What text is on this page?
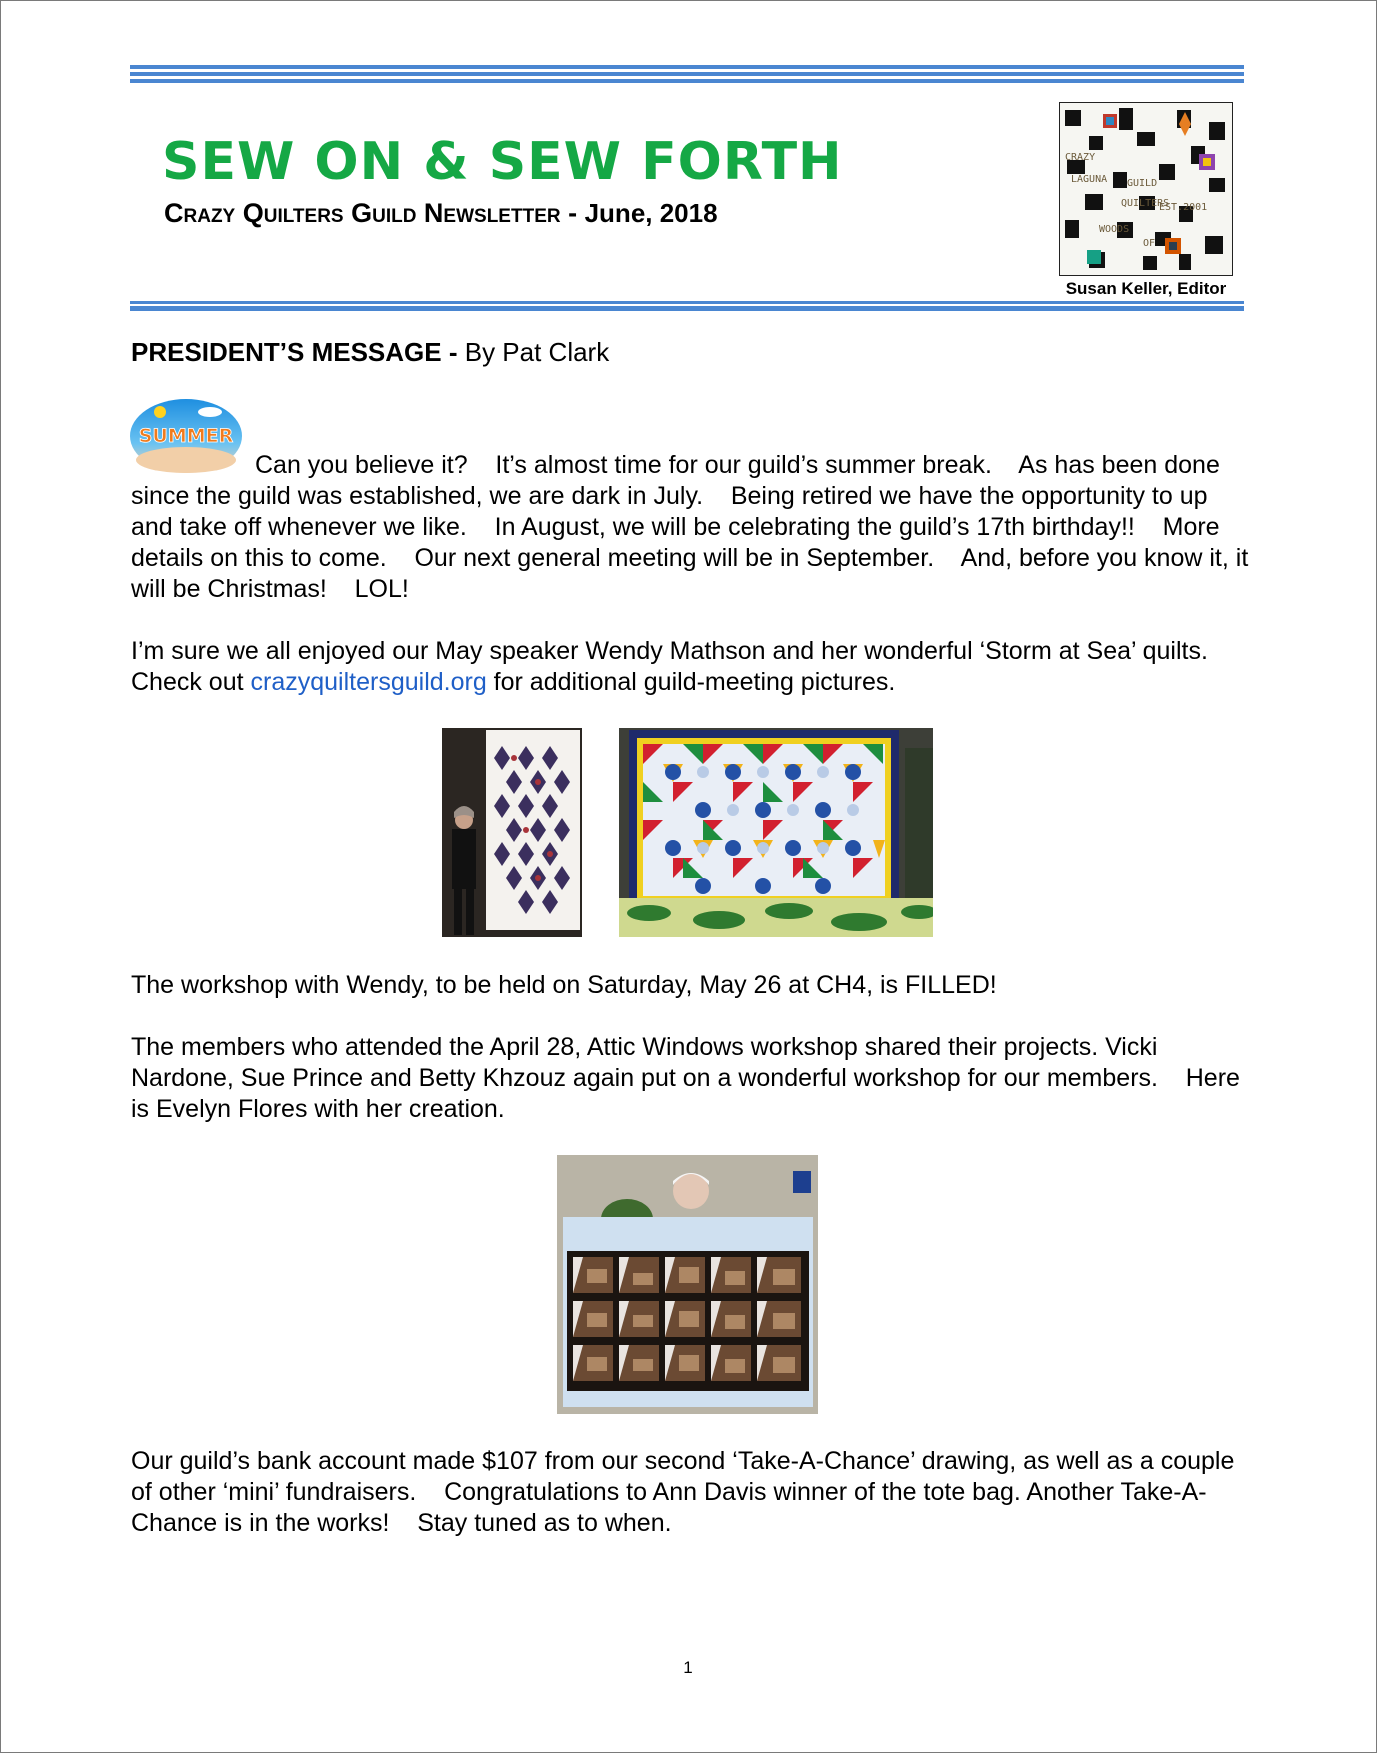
SEW ON & SEW FORTH
Crazy Quilters Guild Newsletter - June, 2018
CRAZY
LAGUNA GUILD
QUILTERS
EST.2001
WOODS
OF
Susan Keller, Editor
PRESIDENT’S MESSAGE - By Pat Clark
SUMMER

Can you believe it?    It’s almost time for our guild’s summer break.    As has been done since the guild was established, we are dark in July.    Being retired we have the opportunity to up and take off whenever we like.    In August, we will be celebrating the guild’s 17th birthday!!    More details on this to come.    Our next general meeting will be in September.    And, before you know it, it will be Christmas!    LOL!

I’m sure we all enjoyed our May speaker Wendy Mathson and her wonderful ‘Storm at Sea’ quilts.    Check out crazyquiltersguild.org for additional guild-meeting pictures.

The workshop with Wendy, to be held on Saturday, May 26 at CH4, is FILLED!

The members who attended the April 28, Attic Windows workshop shared their projects. Vicki Nardone, Sue Prince and Betty Khzouz again put on a wonderful workshop for our members.    Here is Evelyn Flores with her creation.

Our guild’s bank account made $107 from our second ‘Take-A-Chance’ drawing, as well as a couple of other ‘mini’ fundraisers.    Congratulations to Ann Davis winner of the tote bag. Another Take-A-Chance is in the works!    Stay tuned as to when.

1
